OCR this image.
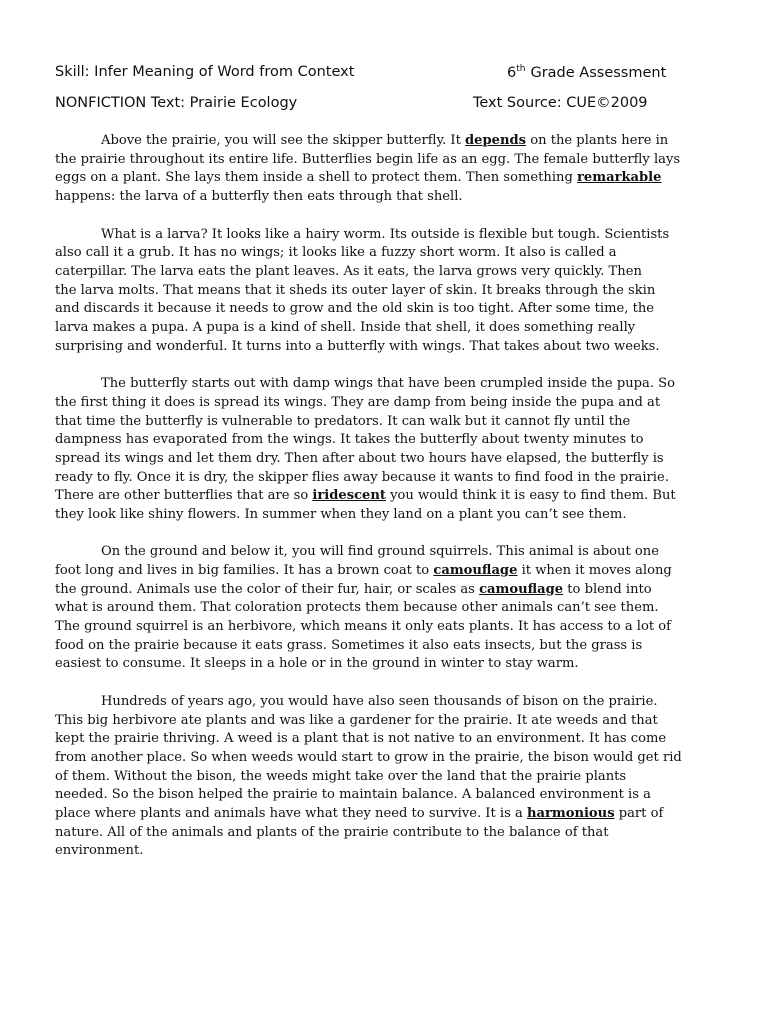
Skill: Infer Meaning of Word from Context	6th Grade Assessment
NONFICTION Text: Prairie Ecology	Text Source: CUE©2009

Above the prairie, you will see the skipper butterfly. It depends on the plants here in
the prairie throughout its entire life. Butterflies begin life as an egg. The female butterfly lays
eggs on a plant. She lays them inside a shell to protect them. Then something remarkable
happens: the larva of a butterfly then eats through that shell.

What is a larva? It looks like a hairy worm. Its outside is flexible but tough. Scientists
also call it a grub. It has no wings; it looks like a fuzzy short worm. It also is called a
caterpillar. The larva eats the plant leaves. As it eats, the larva grows very quickly. Then
the larva molts. That means that it sheds its outer layer of skin. It breaks through the skin
and discards it because it needs to grow and the old skin is too tight. After some time, the
larva makes a pupa. A pupa is a kind of shell. Inside that shell, it does something really
surprising and wonderful. It turns into a butterfly with wings. That takes about two weeks.

The butterfly starts out with damp wings that have been crumpled inside the pupa. So
the first thing it does is spread its wings. They are damp from being inside the pupa and at
that time the butterfly is vulnerable to predators. It can walk but it cannot fly until the
dampness has evaporated from the wings. It takes the butterfly about twenty minutes to
spread its wings and let them dry. Then after about two hours have elapsed, the butterfly is
ready to fly. Once it is dry, the skipper flies away because it wants to find food in the prairie.
There are other butterflies that are so iridescent you would think it is easy to find them. But
they look like shiny flowers. In summer when they land on a plant you can’t see them.

On the ground and below it, you will find ground squirrels. This animal is about one
foot long and lives in big families. It has a brown coat to camouflage it when it moves along
the ground. Animals use the color of their fur, hair, or scales as camouflage to blend into
what is around them. That coloration protects them because other animals can’t see them.
The ground squirrel is an herbivore, which means it only eats plants. It has access to a lot of
food on the prairie because it eats grass. Sometimes it also eats insects, but the grass is
easiest to consume. It sleeps in a hole or in the ground in winter to stay warm.

Hundreds of years ago, you would have also seen thousands of bison on the prairie.
This big herbivore ate plants and was like a gardener for the prairie. It ate weeds and that
kept the prairie thriving. A weed is a plant that is not native to an environment. It has come
from another place. So when weeds would start to grow in the prairie, the bison would get rid
of them. Without the bison, the weeds might take over the land that the prairie plants
needed. So the bison helped the prairie to maintain balance. A balanced environment is a
place where plants and animals have what they need to survive. It is a harmonious part of
nature. All of the animals and plants of the prairie contribute to the balance of that
environment.
